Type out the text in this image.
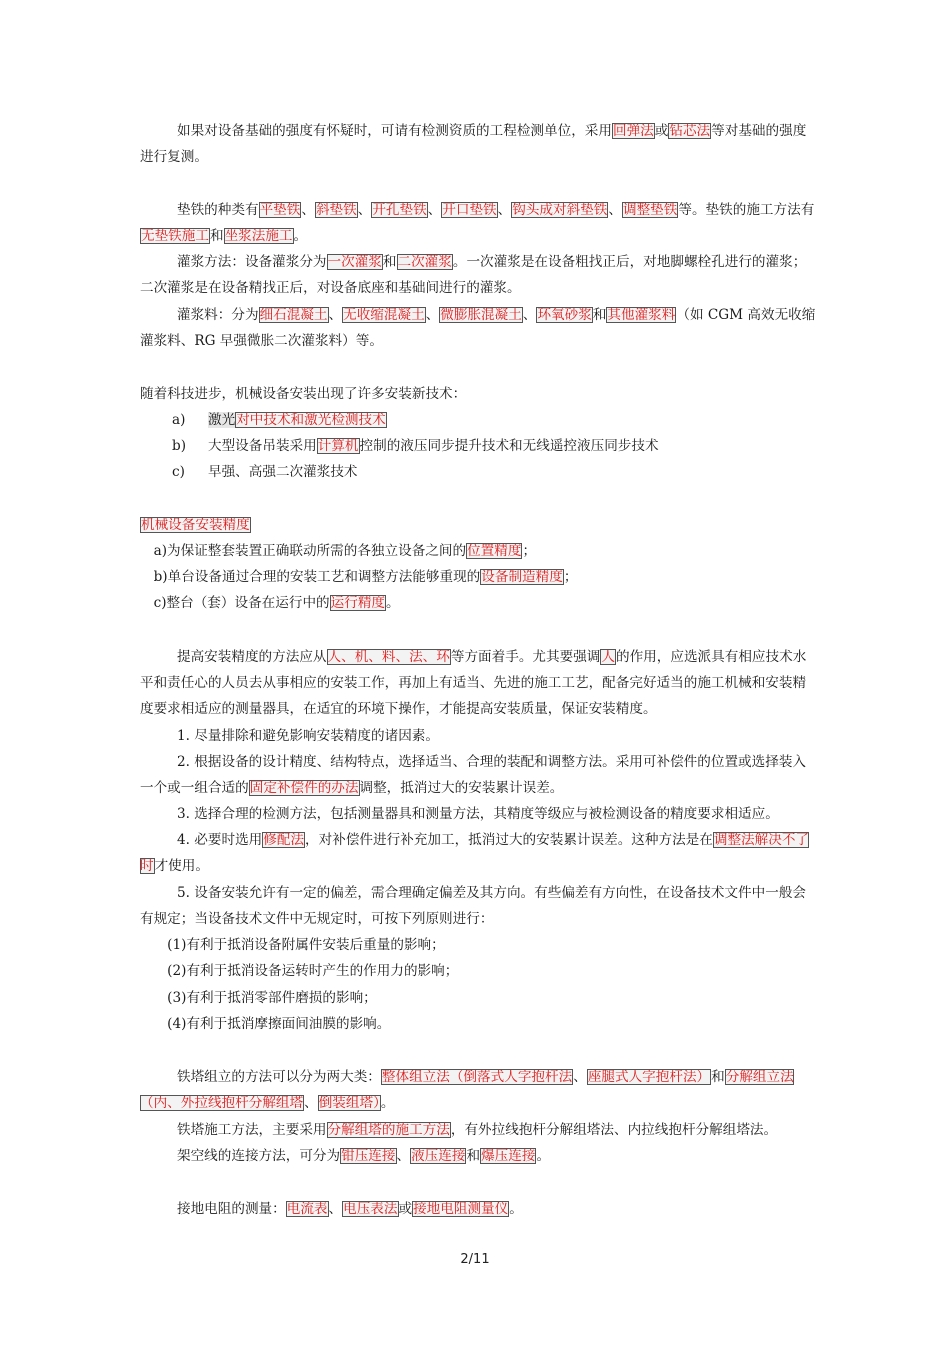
如果对设备基础的强度有怀疑时，可请有检测资质的工程检测单位，采用回弹法或钻芯法等对基础的强度进行复测。

垫铁的种类有平垫铁、斜垫铁、开孔垫铁、开口垫铁、钩头成对斜垫铁、调整垫铁等。垫铁的施工方法有无垫铁施工和坐浆法施工。

灌浆方法：设备灌浆分为一次灌浆和二次灌浆。一次灌浆是在设备粗找正后，对地脚螺栓孔进行的灌浆；二次灌浆是在设备精找正后，对设备底座和基础间进行的灌浆。

灌浆料：分为细石混凝土、无收缩混凝土、微膨胀混凝土、环氧砂浆和其他灌浆料（如 CGM 高效无收缩灌浆料、RG 早强微胀二次灌浆料）等。

随着科技进步，机械设备安装出现了许多安装新技术：

a) 激光对中技术和激光检测技术

b) 大型设备吊装采用计算机控制的液压同步提升技术和无线遥控液压同步技术

c) 早强、高强二次灌浆技术

机械设备安装精度

　a)为保证整套装置正确联动所需的各独立设备之间的位置精度；

　b)单台设备通过合理的安装工艺和调整方法能够重现的设备制造精度；

　c)整台（套）设备在运行中的运行精度。

提高安装精度的方法应从人、机、料、法、环等方面着手。尤其要强调人的作用，应选派具有相应技术水平和责任心的人员去从事相应的安装工作，再加上有适当、先进的施工工艺，配备完好适当的施工机械和安装精度要求相适应的测量器具，在适宜的环境下操作，才能提高安装质量，保证安装精度。

1. 尽量排除和避免影响安装精度的诸因素。

2. 根据设备的设计精度、结构特点，选择适当、合理的装配和调整方法。采用可补偿件的位置或选择装入一个或一组合适的固定补偿件的办法调整，抵消过大的安装累计误差。

3. 选择合理的检测方法，包括测量器具和测量方法，其精度等级应与被检测设备的精度要求相适应。

4. 必要时选用修配法，对补偿件进行补充加工，抵消过大的安装累计误差。这种方法是在调整法解决不了时才使用。

5. 设备安装允许有一定的偏差，需合理确定偏差及其方向。有些偏差有方向性，在设备技术文件中一般会有规定；当设备技术文件中无规定时，可按下列原则进行：

　　(1)有利于抵消设备附属件安装后重量的影响；

　　(2)有利于抵消设备运转时产生的作用力的影响；

　　(3)有利于抵消零部件磨损的影响；

　　(4)有利于抵消摩擦面间油膜的影响。

铁塔组立的方法可以分为两大类：整体组立法（倒落式人字抱杆法、座腿式人字抱杆法）和分解组立法（内、外拉线抱杆分解组塔、倒装组塔）。

铁塔施工方法，主要采用分解组塔的施工方法，有外拉线抱杆分解组塔法、内拉线抱杆分解组塔法。

架空线的连接方法，可分为钳压连接、液压连接和爆压连接。

接地电阻的测量：电流表、电压表法或接地电阻测量仪。

2/11
